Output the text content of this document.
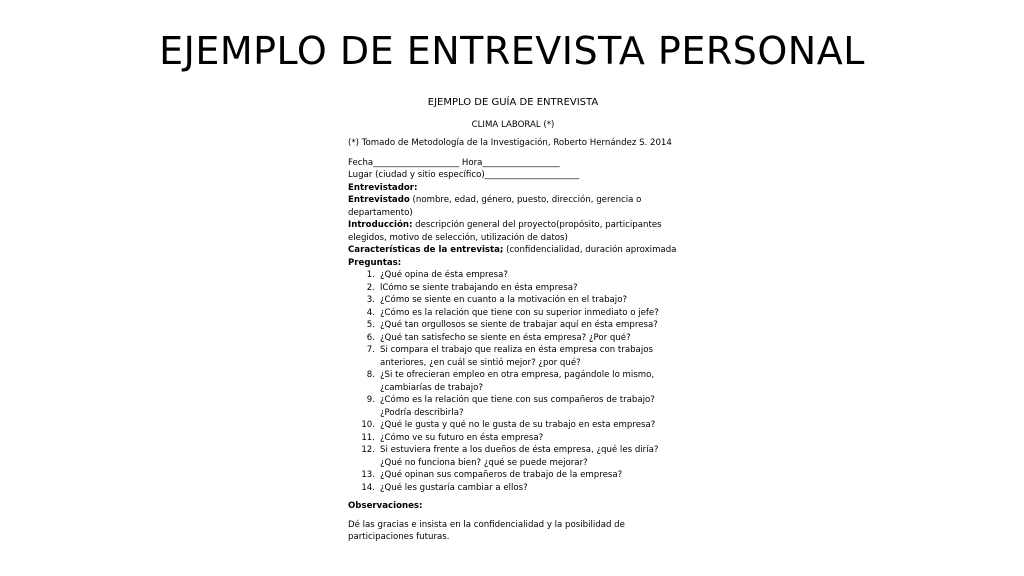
EJEMPLO DE ENTREVISTA PERSONAL
EJEMPLO DE GUÍA DE ENTREVISTA
CLIMA LABORAL (*)
(*) Tomado de Metodología de la Investigación, Roberto Hernández S. 2014
Fecha____________________ Hora__________________
Lugar (ciudad y sitio específico)______________________
Entrevistador:
Entrevistado (nombre, edad, género, puesto, dirección, gerencia o departamento)
Introducción: descripción general del proyecto(propósito, participantes elegidos, motivo de selección, utilización de datos)
Características de la entrevista; (confidencialidad, duración aproximada
Preguntas:
1. ¿Qué opina de ésta empresa?
2. lCómo se siente trabajando en ésta empresa?
3. ¿Cómo se siente en cuanto a la motivación en el trabajo?
4. ¿Cómo es la relación que tiene con su superior inmediato o jefe?
5. ¿Qué tan orgullosos se siente de trabajar aquí en ésta empresa?
6. ¿Qué tan satisfecho se siente en ésta empresa? ¿Por qué?
7. Si compara el trabajo que realiza en ésta empresa con trabajos anteriores, ¿en cuál se sintió mejor? ¿por qué?
8. ¿Si te ofrecieran empleo en otra empresa, pagándole lo mismo, ¿cambiarías de trabajo?
9. ¿Cómo es la relación que tiene con sus compañeros de trabajo?¿Podría describirla?
10. ¿Qué le gusta y qué no le gusta de su trabajo en esta empresa?
11. ¿Cómo ve su futuro en ésta empresa?
12. Si estuviera frente a los dueños de ésta empresa, ¿qué les diría? ¿Qué no funciona bien? ¿qué se puede mejorar?
13. ¿Qué opinan sus compañeros de trabajo de la empresa?
14. ¿Qué les gustaría cambiar a ellos?
Observaciones:
Dé las gracias e insista en la confidencialidad y la posibilidad de participaciones futuras.
